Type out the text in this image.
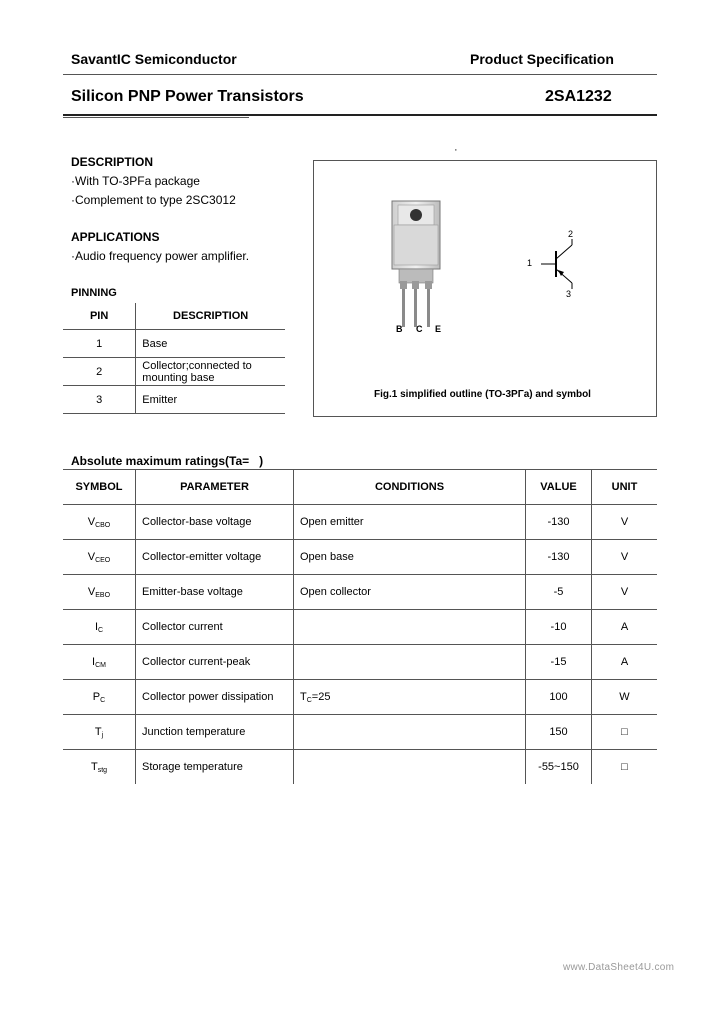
SavantIC Semiconductor	Product Specification
Silicon PNP Power Transistors	2SA1232
DESCRIPTION
·With TO-3PFa package
·Complement to type 2SC3012
APPLICATIONS
·Audio frequency power amplifier.
PINNING
PIN	DESCRIPTION
1	Base
2	Collector;connected to mounting base
3	Emitter
·
B C E
1
2
3
Fig.1 simplified outline (TO-3PΓa) and symbol
Absolute maximum ratings(Ta= )
SYMBOL	PARAMETER	CONDITIONS	VALUE	UNIT
$V_{CBO}$	Collector-base voltage	Open emitter	-130	V
$V_{CEO}$	Collector-emitter voltage	Open base	-130	V
$V_{EBO}$	Emitter-base voltage	Open collector	-5	V
$I_C$	Collector current		-10	A
$I_{CM}$	Collector current-peak		-15	A
$P_C$	Collector power dissipation	$T_C=25$	100	W
$T_j$	Junction temperature		150	□
$T_{stg}$	Storage temperature		-55~150	□
www.DataSheet4U.com
